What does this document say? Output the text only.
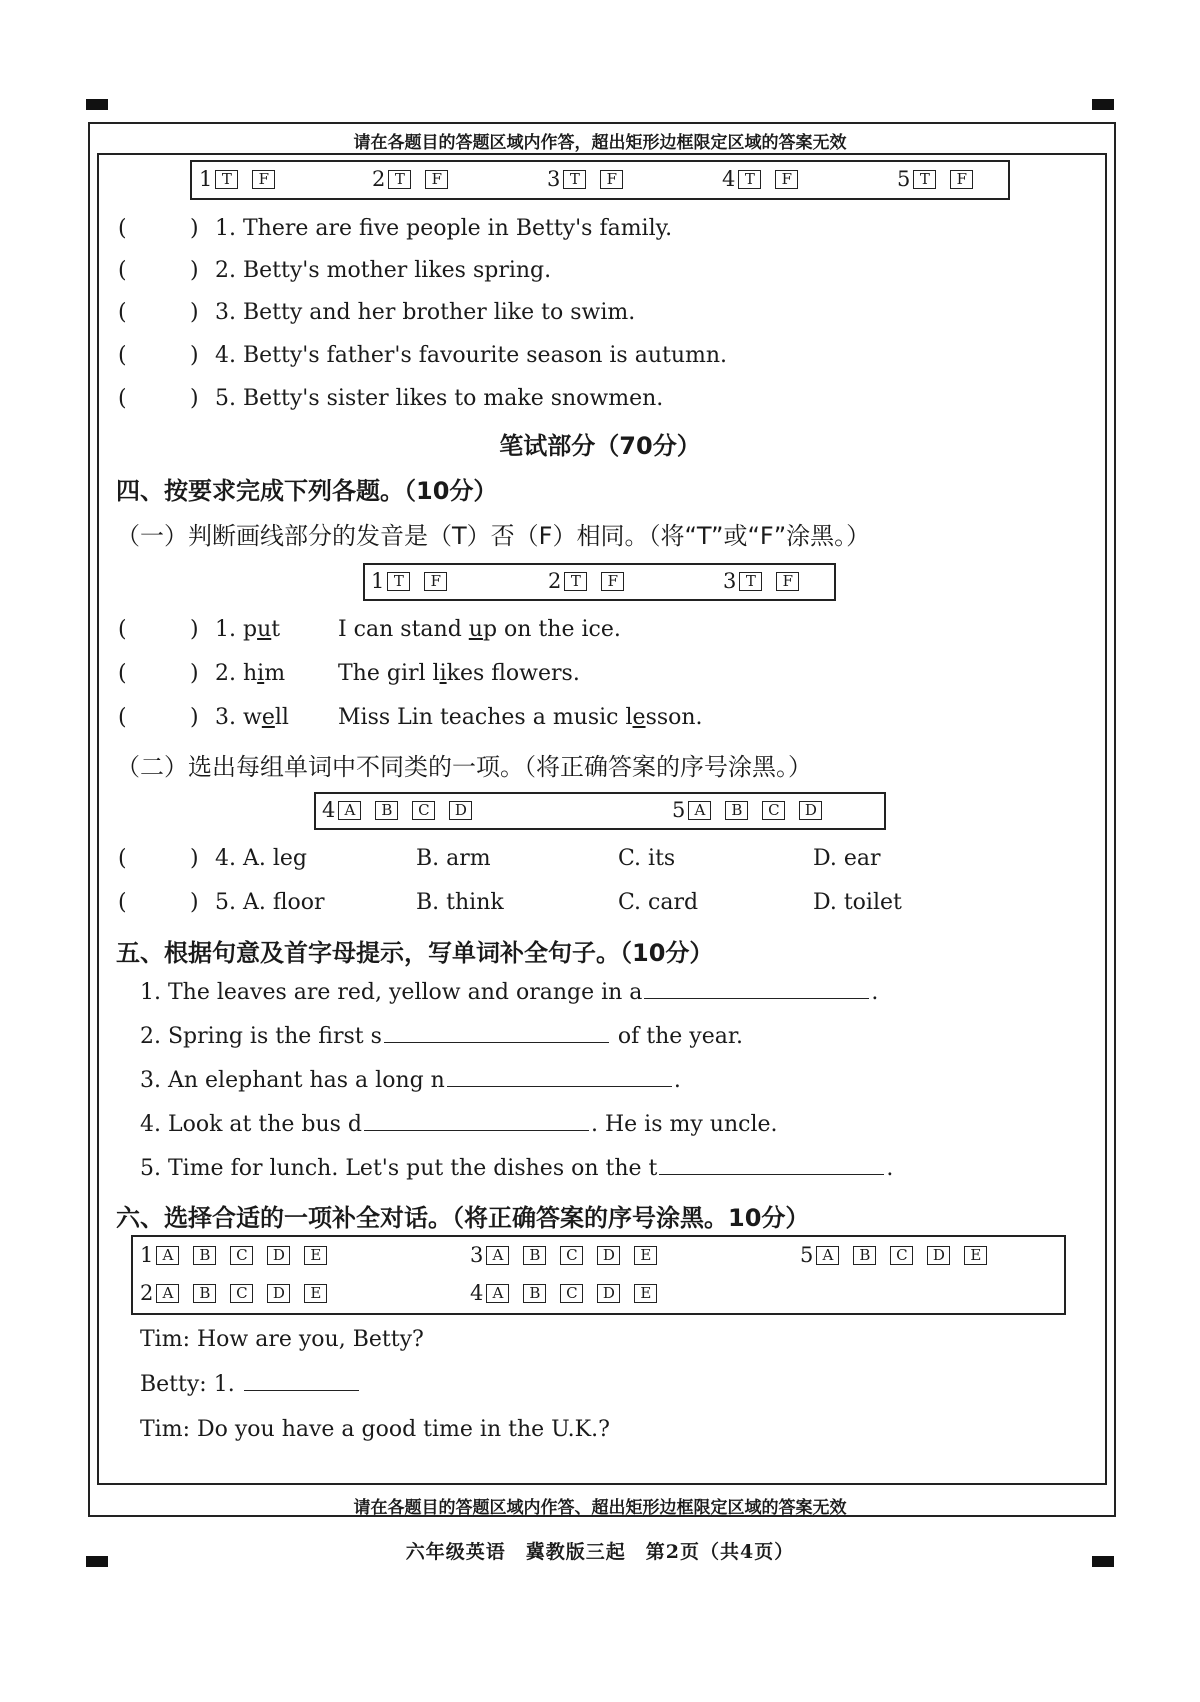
请在各题目的答题区域内作答，超出矩形边框限定区域的答案无效
1 T	F	2 T	F	3 T	F	4 T	F	5 T	F
(	) 1. There are five people in Betty's family.
(	) 2. Betty's mother likes spring.
(	) 3. Betty and her brother like to swim.
(	) 4. Betty's father's favourite season is autumn.
(	) 5. Betty's sister likes to make snowmen.
笔试部分（70分）
四、按要求完成下列各题。（10分）
（一）判断画线部分的发音是（T）否（F）相同。（将“T”或“F”涂黑。）
1 T	F	2 T	F	3 T	F
(	) 1. put	I can stand up on the ice.
(	) 2. him The girl likes flowers.
(	) 3. well Miss Lin teaches a music lesson.
（二）选出每组单词中不同类的一项。（将正确答案的序号涂黑。）
4 A	B	C	D	5 A	B	C	D
(	) 4. A. leg	B. arm	C. its	D. ear
(	) 5. A. floor	B. think	C. card	D. toilet
五、根据句意及首字母提示，写单词补全句子。（10分）
1. The leaves are red, yellow and orange in a	.
2. Spring is the first s	of the year.
3. An elephant has a long n	.
4. Look at the bus d	. He is my uncle.
5. Time for lunch. Let's put the dishes on the t	.
六、选择合适的一项补全对话。（将正确答案的序号涂黑。10分）
1 A	B	C	D	E
2 A	B	C	D	E
3 A	B	C	D	E
4 A	B	C	D	E
5 A	B	C	D	E
Tim: How are you, Betty?
Betty: 1.
Tim: Do you have a good time in the U.K.?
请在各题目的答题区域内作答、超出矩形边框限定区域的答案无效
六年级英语　冀教版三起　第2页（共4页）
